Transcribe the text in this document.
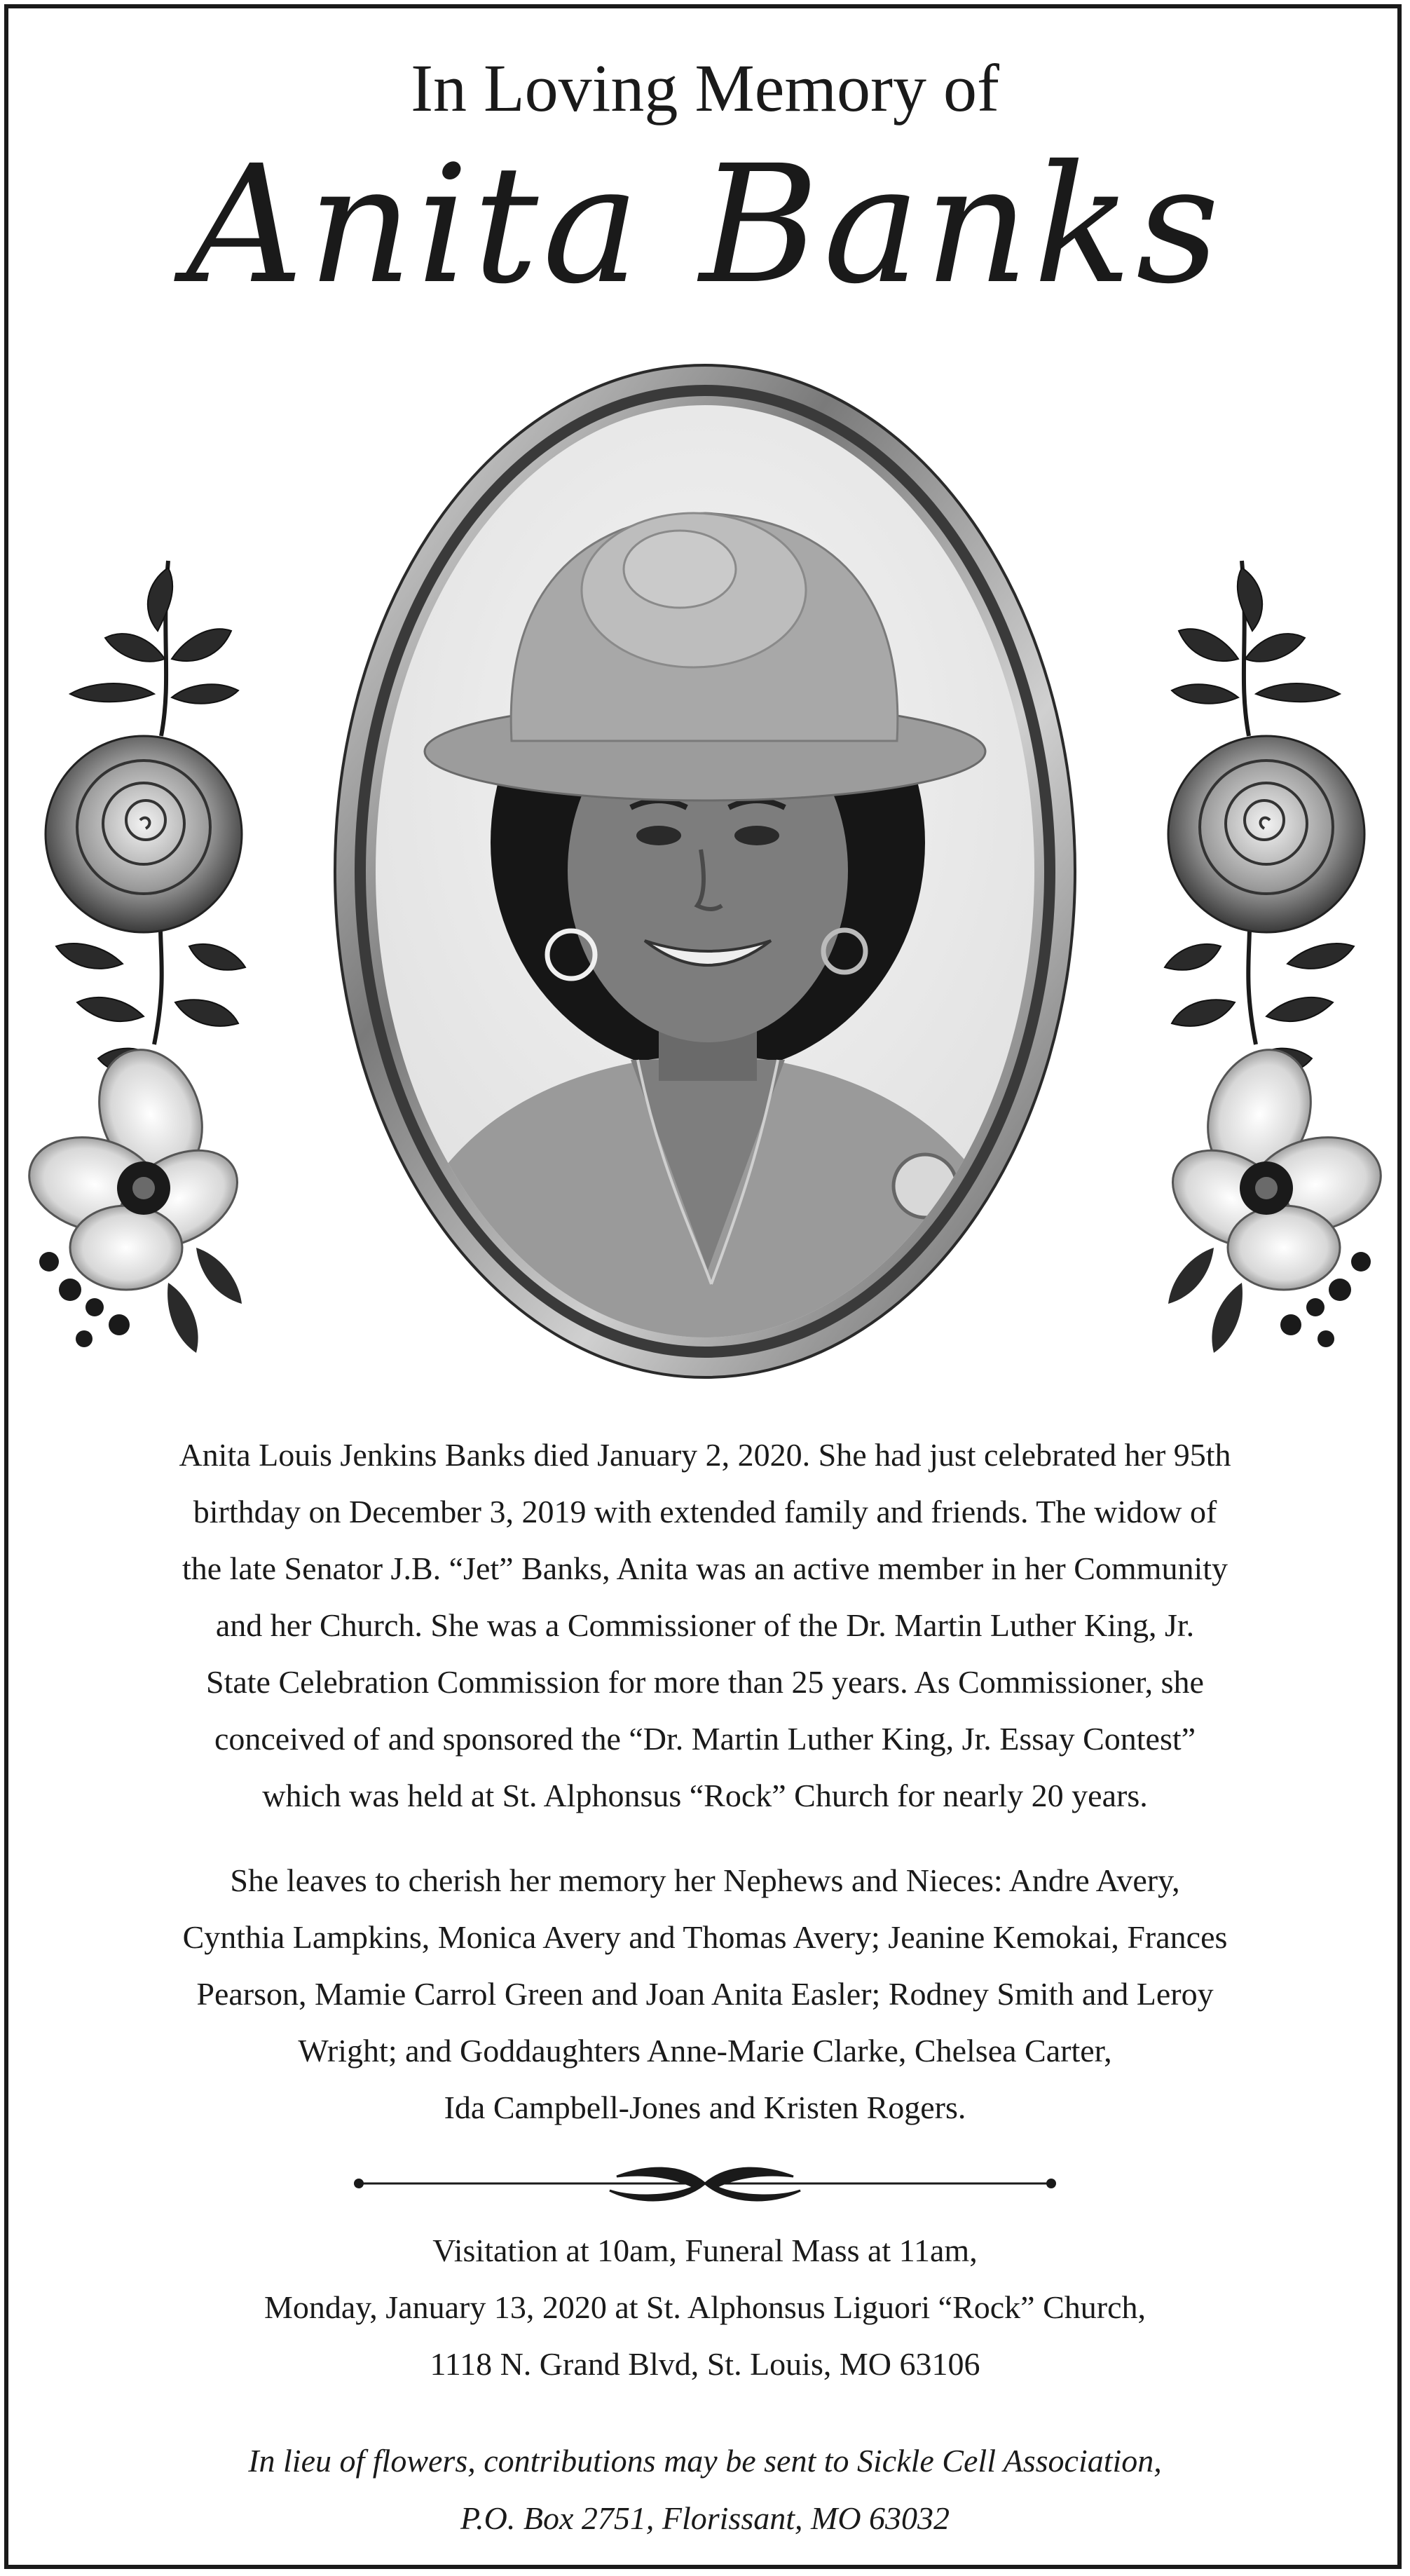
In Loving Memory of
Anita Banks
Anita Louis Jenkins Banks died January 2, 2020. She had just celebrated her 95th
birthday on December 3, 2019 with extended family and friends. The widow of
the late Senator J.B. “Jet” Banks, Anita was an active member in her Community
and her Church. She was a Commissioner of the Dr. Martin Luther King, Jr.
State Celebration Commission for more than 25 years. As Commissioner, she
conceived of and sponsored the “Dr. Martin Luther King, Jr. Essay Contest”
which was held at St. Alphonsus “Rock” Church for nearly 20 years.
She leaves to cherish her memory her Nephews and Nieces: Andre Avery,
Cynthia Lampkins, Monica Avery and Thomas Avery; Jeanine Kemokai, Frances
Pearson, Mamie Carrol Green and Joan Anita Easler; Rodney Smith and Leroy
Wright; and Goddaughters Anne-Marie Clarke, Chelsea Carter,
Ida Campbell-Jones and Kristen Rogers.
Visitation at 10am, Funeral Mass at 11am,
Monday, January 13, 2020 at St. Alphonsus Liguori “Rock” Church,
1118 N. Grand Blvd, St. Louis, MO 63106
In lieu of flowers, contributions may be sent to Sickle Cell Association,
P.O. Box 2751, Florissant, MO 63032
